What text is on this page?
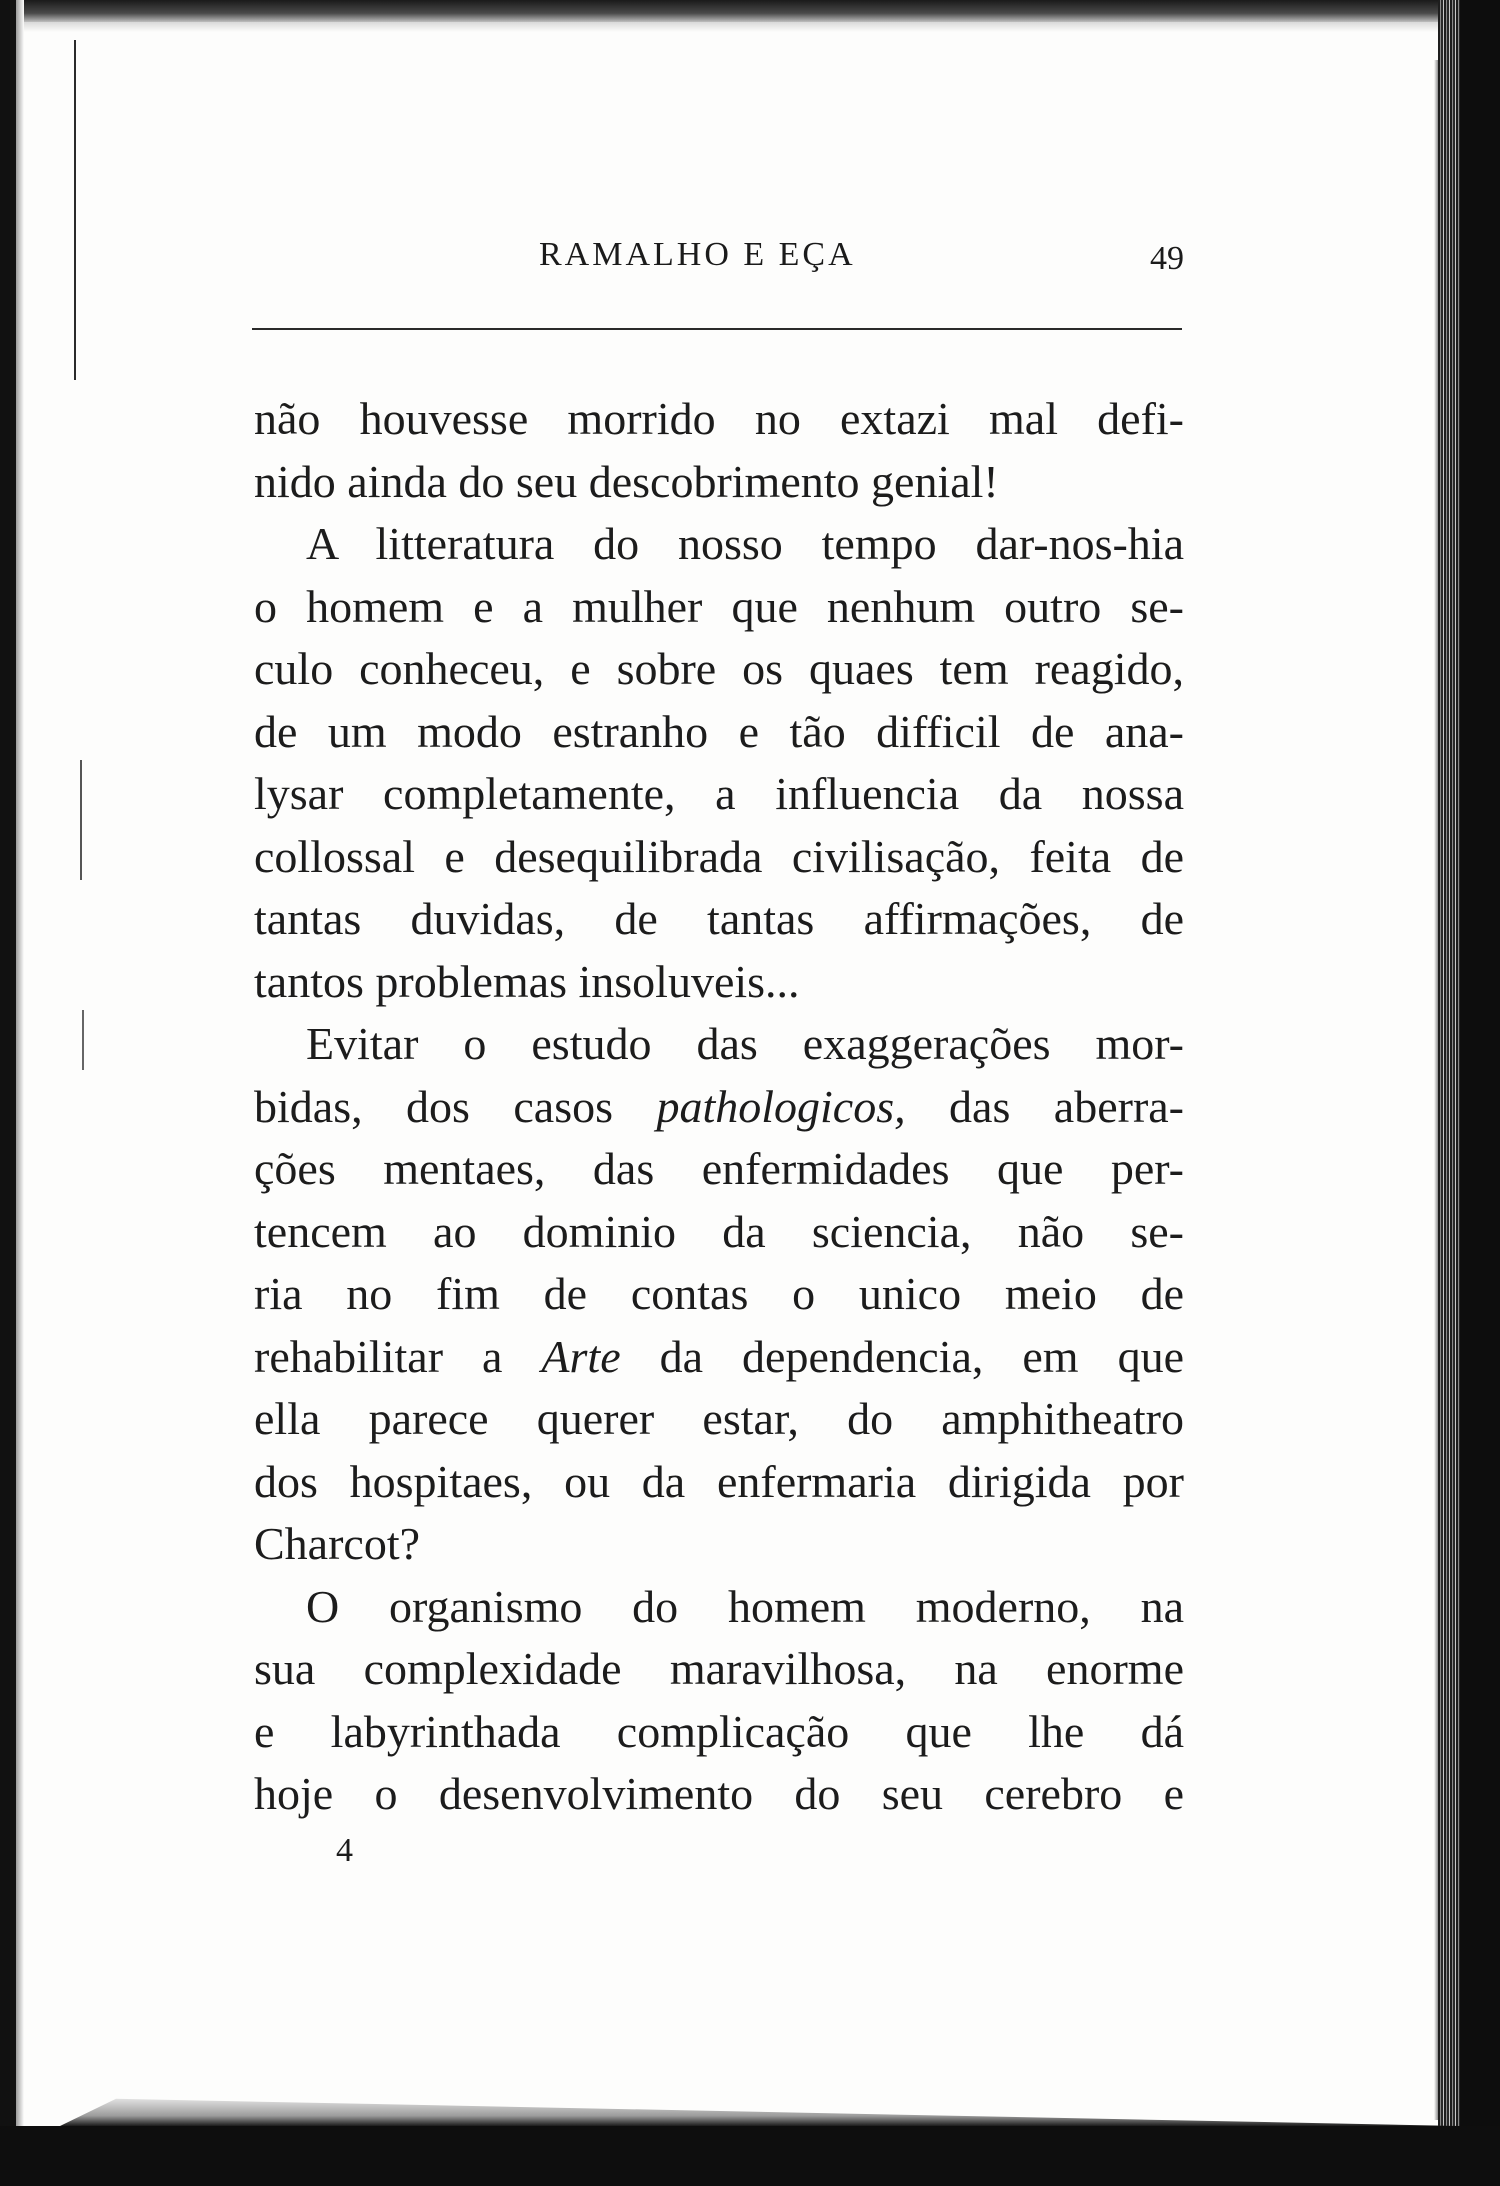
RAMALHO E EÇA	49

não houvesse morrido no extazi mal defi-
nido ainda do seu descobrimento genial!

A litteratura do nosso tempo dar-nos-hia
o homem e a mulher que nenhum outro se-
culo conheceu, e sobre os quaes tem reagido,
de um modo estranho e tão difficil de ana-
lysar completamente, a influencia da nossa
collossal e desequilibrada civilisação, feita de
tantas duvidas, de tantas affirmações, de
tantos problemas insoluveis...

Evitar o estudo das exaggerações mor-
bidas, dos casos pathologicos, das aberra-
ções mentaes, das enfermidades que per-
tencem ao dominio da sciencia, não se-
ria no fim de contas o unico meio de
rehabilitar a Arte da dependencia, em que
ella parece querer estar, do amphitheatro
dos hospitaes, ou da enfermaria dirigida por
Charcot?

O organismo do homem moderno, na
sua complexidade maravilhosa, na enorme
e labyrinthada complicação que lhe dá
hoje o desenvolvimento do seu cerebro e

4
